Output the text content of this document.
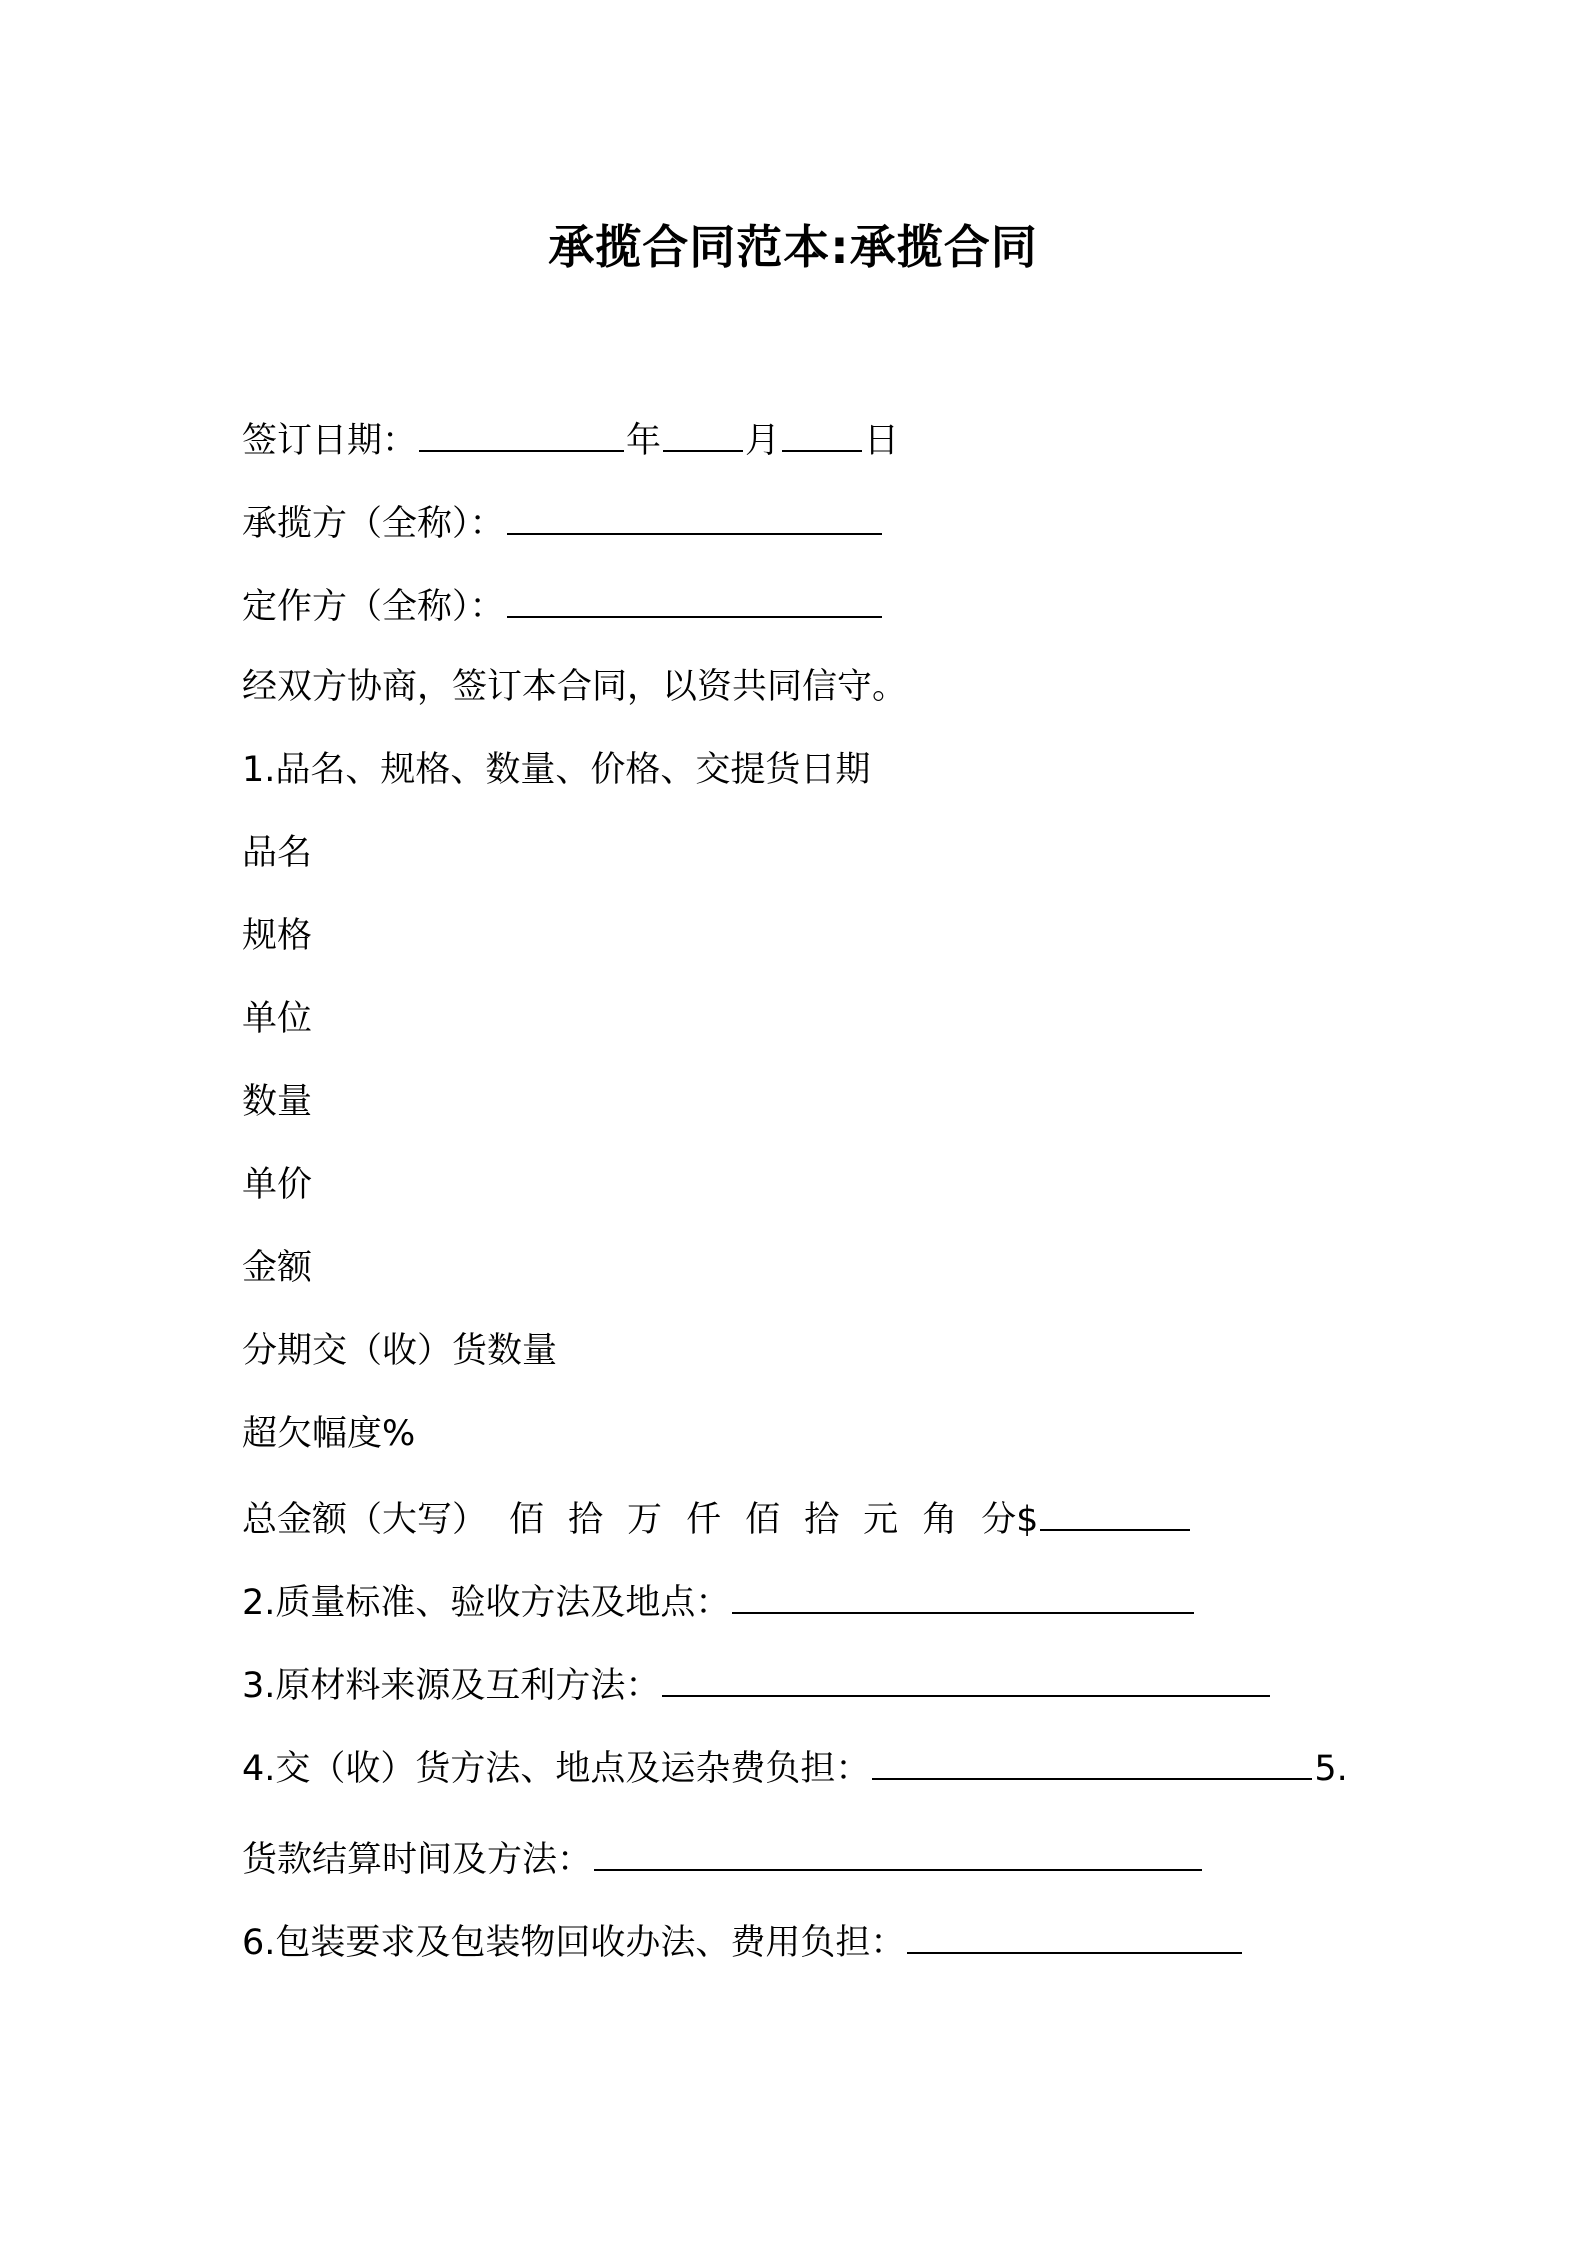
承揽合同范本:承揽合同
签订日期：	年 月 日
承揽方（全称）：
定作方（全称）：
经双方协商，签订本合同，以资共同信守。
1.品名、规格、数量、价格、交提货日期
品名
规格
单位
数量
单价
金额
分期交（收）货数量
超欠幅度%
总金额（大写） 佰 拾 万 仟 佰 拾 元 角 分$
2.质量标准、验收方法及地点：
3.原材料来源及互利方法：
4.交（收）货方法、地点及运杂费负担：	5.
货款结算时间及方法：
6.包装要求及包装物回收办法、费用负担：
